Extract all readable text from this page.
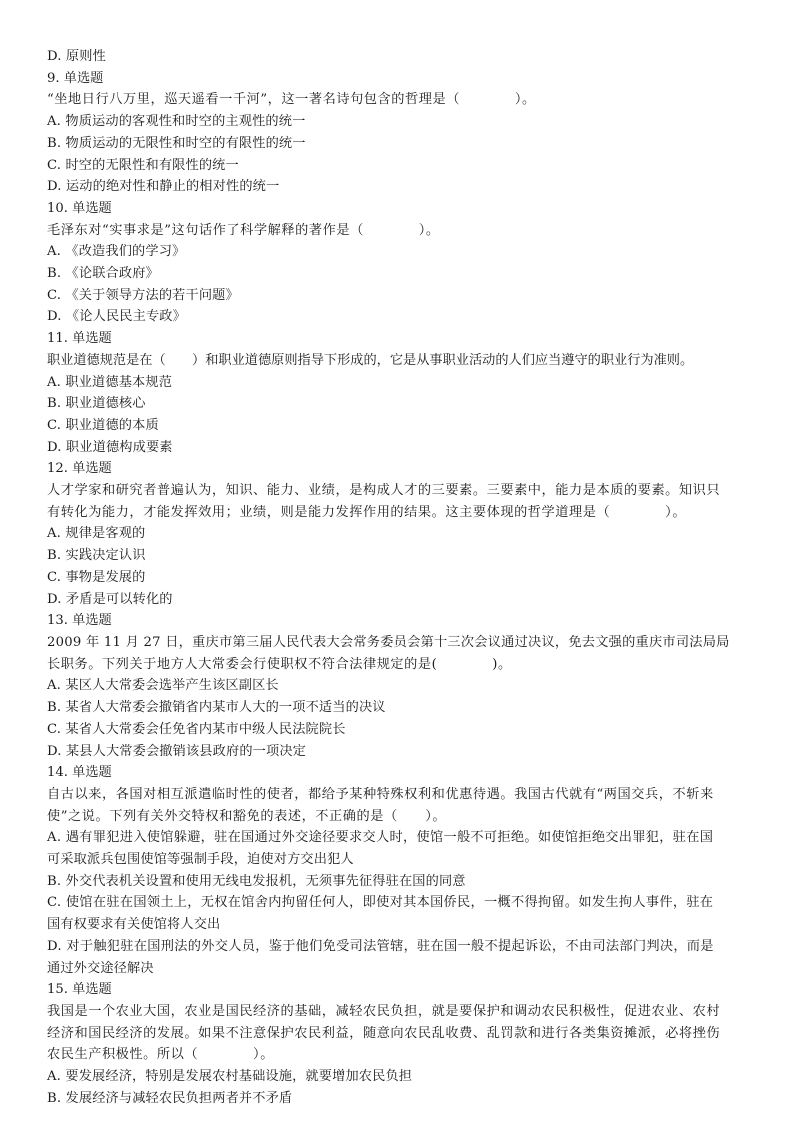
D. 原则性
9. 单选题
“坐地日行八万里，巡天遥看一千河”，这一著名诗句包含的哲理是（　　　　）。
A. 物质运动的客观性和时空的主观性的统一
B. 物质运动的无限性和时空的有限性的统一
C. 时空的无限性和有限性的统一
D. 运动的绝对性和静止的相对性的统一
10. 单选题
毛泽东对“实事求是”这句话作了科学解释的著作是（　　　　）。
A. 《改造我们的学习》
B. 《论联合政府》
C. 《关于领导方法的若干问题》
D. 《论人民民主专政》
11. 单选题
职业道德规范是在（　　）和职业道德原则指导下形成的，它是从事职业活动的人们应当遵守的职业行为准则。
A. 职业道德基本规范
B. 职业道德核心
C. 职业道德的本质
D. 职业道德构成要素
12. 单选题
人才学家和研究者普遍认为，知识、能力、业绩，是构成人才的三要素。三要素中，能力是本质的要素。知识只
有转化为能力，才能发挥效用；业绩，则是能力发挥作用的结果。这主要体现的哲学道理是（　　　　）。
A. 规律是客观的
B. 实践决定认识
C. 事物是发展的
D. 矛盾是可以转化的
13. 单选题
2009 年 11 月 27 日，重庆市第三届人民代表大会常务委员会第十三次会议通过决议，免去文强的重庆市司法局局
长职务。下列关于地方人大常委会行使职权不符合法律规定的是(　　　　)。
A. 某区人大常委会选举产生该区副区长
B. 某省人大常委会撤销省内某市人大的一项不适当的决议
C. 某省人大常委会任免省内某市中级人民法院院长
D. 某县人大常委会撤销该县政府的一项决定
14. 单选题
自古以来，各国对相互派遣临时性的使者，都给予某种特殊权利和优惠待遇。我国古代就有“两国交兵，不斩来
使”之说。下列有关外交特权和豁免的表述，不正确的是（　　）。
A. 遇有罪犯进入使馆躲避，驻在国通过外交途径要求交人时，使馆一般不可拒绝。如使馆拒绝交出罪犯，驻在国
可采取派兵包围使馆等强制手段，迫使对方交出犯人
B. 外交代表机关设置和使用无线电发报机，无须事先征得驻在国的同意
C. 使馆在驻在国领土上，无权在馆舍内拘留任何人，即使对其本国侨民，一概不得拘留。如发生拘人事件，驻在
国有权要求有关使馆将人交出
D. 对于触犯驻在国刑法的外交人员，鉴于他们免受司法管辖，驻在国一般不提起诉讼，不由司法部门判决，而是
通过外交途径解决
15. 单选题
我国是一个农业大国，农业是国民经济的基础，减轻农民负担，就是要保护和调动农民积极性，促进农业、农村
经济和国民经济的发展。如果不注意保护农民利益，随意向农民乱收费、乱罚款和进行各类集资摊派，必将挫伤
农民生产积极性。所以（　　　　）。
A. 要发展经济，特别是发展农村基础设施，就要增加农民负担
B. 发展经济与减轻农民负担两者并不矛盾
